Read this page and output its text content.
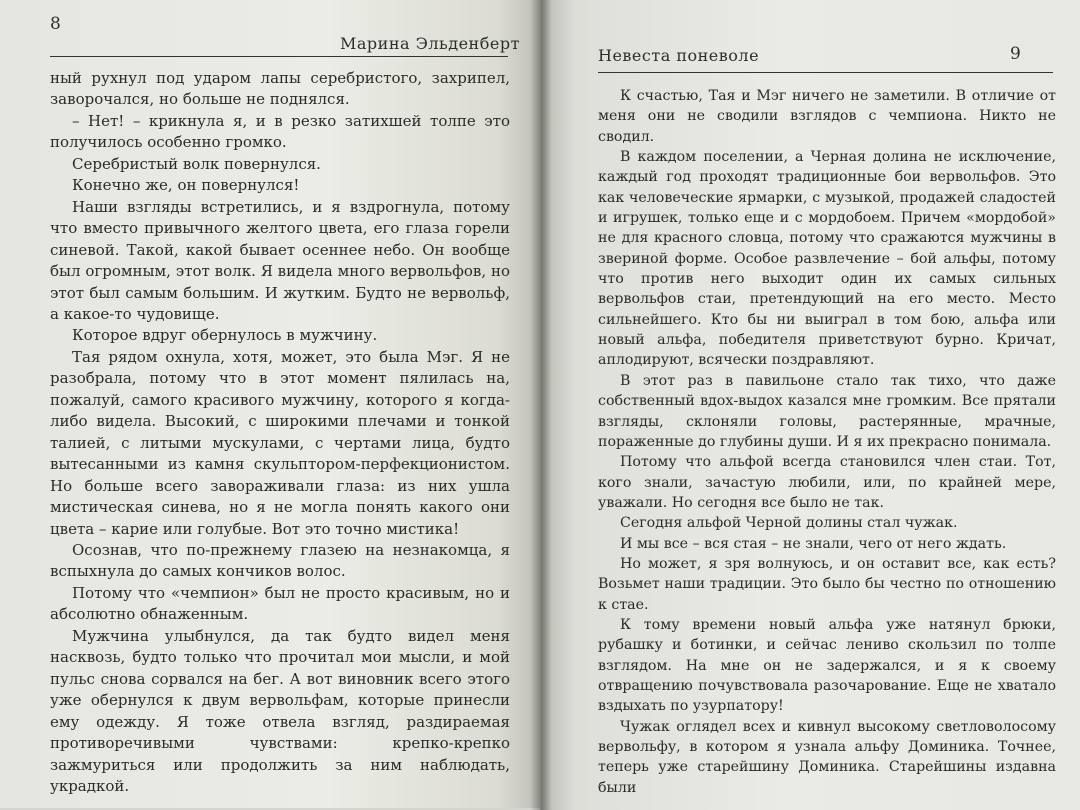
8
Марина Эльденберт

ный рухнул под ударом лапы серебристого, захрипел, заворочался, но больше не поднялся.

– Нет! – крикнула я, и в резко затихшей толпе это получилось особенно громко.

Серебристый волк повернулся.

Конечно же, он повернулся!

Наши взгляды встретились, и я вздрогнула, потому что вместо привычного желтого цвета, его глаза горели синевой. Такой, какой бывает осеннее небо. Он вообще был огромным, этот волк. Я видела много вервольфов, но этот был самым большим. И жутким. Будто не вервольф, а какое-то чудовище.

Которое вдруг обернулось в мужчину.

Тая рядом охнула, хотя, может, это была Мэг. Я не разобрала, потому что в этот момент пялилась на, пожалуй, самого красивого мужчину, которого я когда-либо видела. Высокий, с широкими плечами и тонкой талией, с литыми мускулами, с чертами лица, будто вытесанными из камня скульптором-перфекционистом. Но больше всего завораживали глаза: из них ушла мистическая синева, но я не могла понять какого они цвета – карие или голубые. Вот это точно мистика!

Осознав, что по-прежнему глазею на незнакомца, я вспыхнула до самых кончиков волос.

Потому что «чемпион» был не просто красивым, но и абсолютно обнаженным.

Мужчина улыбнулся, да так будто видел меня насквозь, будто только что прочитал мои мысли, и мой пульс снова сорвался на бег. А вот виновник всего этого уже обернулся к двум вервольфам, которые принесли ему одежду. Я тоже отвела взгляд, раздираемая противоречивыми чувствами: крепко-крепко зажмуриться или продолжить за ним наблюдать, украдкой.

Невеста поневоле	9

К счастью, Тая и Мэг ничего не заметили. В отличие от меня они не сводили взглядов с чемпиона. Никто не сводил.

В каждом поселении, а Черная долина не исключение, каждый год проходят традиционные бои вервольфов. Это как человеческие ярмарки, с музыкой, продажей сладостей и игрушек, только еще и с мордобоем. Причем «мордобой» не для красного словца, потому что сражаются мужчины в звериной форме. Особое развлечение – бой альфы, потому что против него выходит один их самых сильных вервольфов стаи, претендующий на его место. Место сильнейшего. Кто бы ни выиграл в том бою, альфа или новый альфа, победителя приветствуют бурно. Кричат, аплодируют, всячески поздравляют.

В этот раз в павильоне стало так тихо, что даже собственный вдох-выдох казался мне громким. Все прятали взгляды, склоняли головы, растерянные, мрачные, пораженные до глубины души. И я их прекрасно понимала.

Потому что альфой всегда становился член стаи. Тот, кого знали, зачастую любили, или, по крайней мере, уважали. Но сегодня все было не так.

Сегодня альфой Черной долины стал чужак.

И мы все – вся стая – не знали, чего от него ждать.

Но может, я зря волнуюсь, и он оставит все, как есть? Возьмет наши традиции. Это было бы честно по отношению к стае.

К тому времени новый альфа уже натянул брюки, рубашку и ботинки, и сейчас лениво скользил по толпе взглядом. На мне он не задержался, и я к своему отвращению почувствовала разочарование. Еще не хватало вздыхать по узурпатору!

Чужак оглядел всех и кивнул высокому светловолосому вервольфу, в котором я узнала альфу Доминика. Точнее, теперь уже старейшину Доминика. Старейшины издавна были
